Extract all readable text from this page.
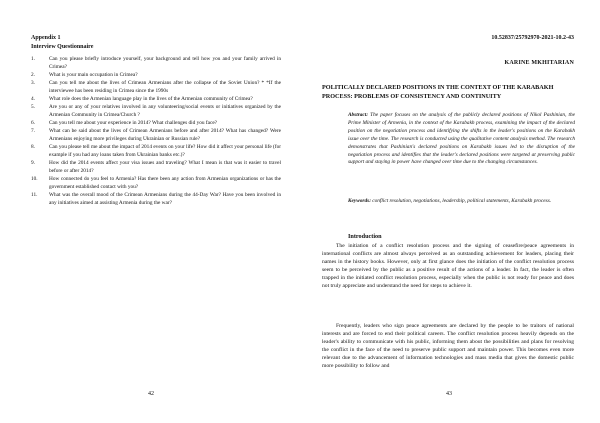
Appendix 1
Interview Questionnaire
1.	Can you please briefly introduce yourself, your background and tell how you and your family arrived in Crimea?
2.	What is your main occupation in Crimea?
3.	Can you tell me about the lives of Crimean Armenians after the collapse of the Soviet Union? * *If the interviewee has been residing in Crimea since the 1990s
4.	What role does the Armenian language play in the lives of the Armenian community of Crimea?
5.	Are you or any of your relatives involved in any volunteering/social events or initiatives organized by the Armenian Community in Crimea/Church ?
6.	Can you tell me about your experience in 2014? What challenges did you face?
7.	What can be said about the lives of Crimean Armenians before and after 2014? What has changed? Were Armenians enjoying more privileges during Ukrainian or Russian rule?
8.	Can you please tell me about the impact of 2014 events on your life? How did it affect your personal life (for example if you had any loans taken from Ukrainian banks etc.)?
9.	How did the 2014 events affect your visa issues and traveling? What I mean is that was it easier to travel before or after 2014?
10.	How connected do you feel to Armenia? Has there been any action from Armenian organizations or has the government established contact with you?
11.	What was the overall mood of the Crimean Armenians during the 44-Day War? Have you been involved in any initiatives aimed at assisting Armenia during the war?
42
10.52837/25792970-2021-10.2-43
KARINE MKHITARIAN
POLITICALLY DECLARED POSITIONS IN THE CONTEXT OF THE KARABAKH PROCESS: PROBLEMS OF CONSISTENCY AND CONTINUITY

Abstract: The paper focuses on the analysis of the publicly declared positions of Nikol Pashinian, the Prime Minister of Armenia, in the context of the Karabakh process, examining the impact of the declared position on the negotiation process and identifying the shifts in the leader's positions on the Karabakh issue over the time. The research is conducted using the qualitative content analysis method. The research demonstrates that Pashinian's declared positions on Karabakh issues led to the disruption of the negotiation process and identifies that the leader's declared positions were targeted at preserving public support and staying in power have changed over time due to the changing circumstances.

Keywords: conflict resolution, negotiations, leadership, political statements, Karabakh process.

Introduction

The initiation of a conflict resolution process and the signing of ceasefire/peace agreements in international conflicts are almost always perceived as an outstanding achievement for leaders, placing their names in the history books. However, only at first glance does the initiation of the conflict resolution process seem to be perceived by the public as a positive result of the actions of a leader. In fact, the leader is often trapped in the initiated conflict resolution process, especially when the public is not ready for peace and does not truly appreciate and understand the need for steps to achieve it.

Frequently, leaders who sign peace agreements are declared by the people to be traitors of national interests and are forced to end their political careers. The conflict resolution process heavily depends on the leader's ability to communicate with his public, informing them about the possibilities and plans for resolving the conflict in the face of the need to preserve public support and maintain power. This becomes even more relevant due to the advancement of information technologies and mass media that gives the domestic public more possibility to follow and

43
